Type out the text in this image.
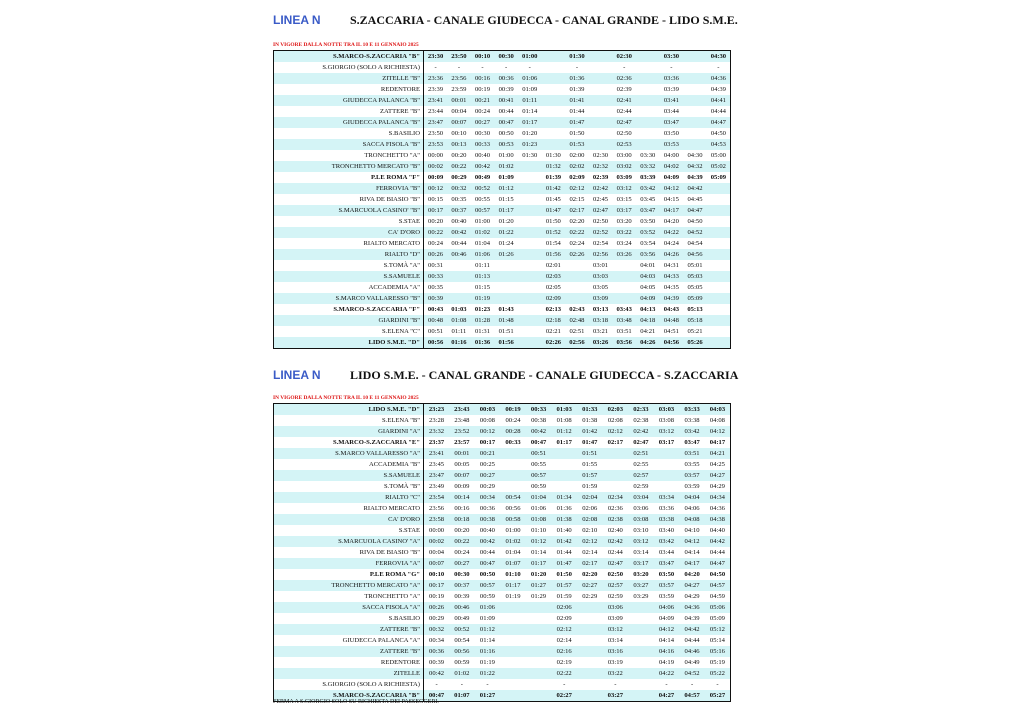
LINEA N S.ZACCARIA - CANALE GIUDECCA - CANAL GRANDE - LIDO S.M.E.
IN VIGORE DALLA NOTTE TRA IL 10 E 11 GENNAIO 2025
S.MARCO-S.ZACCARIA "B"	23:30	23:50	00:10	00:30	01:00		01:30		02:30		03:30		04:30
S.GIORGIO (SOLO A RICHIESTA)	-	-	-	-	-		-		-		-		-
ZITELLE "B"	23:36	23:56	00:16	00:36	01:06		01:36		02:36		03:36		04:36
REDENTORE	23:39	23:59	00:19	00:39	01:09		01:39		02:39		03:39		04:39
GIUDECCA PALANCA "B"	23:41	00:01	00:21	00:41	01:11		01:41		02:41		03:41		04:41
ZATTERE "B"	23:44	00:04	00:24	00:44	01:14		01:44		02:44		03:44		04:44
GIUDECCA PALANCA "B"	23:47	00:07	00:27	00:47	01:17		01:47		02:47		03:47		04:47
S.BASILIO	23:50	00:10	00:30	00:50	01:20		01:50		02:50		03:50		04:50
SACCA FISOLA "B"	23:53	00:13	00:33	00:53	01:23		01:53		02:53		03:53		04:53
TRONCHETTO "A"	00:00	00:20	00:40	01:00	01:30	01:30	02:00	02:30	03:00	03:30	04:00	04:30	05:00
TRONCHETTO MERCATO "B"	00:02	00:22	00:42	01:02		01:32	02:02	02:32	03:02	03:32	04:02	04:32	05:02
P.LE ROMA "F"	00:09	00:29	00:49	01:09		01:39	02:09	02:39	03:09	03:39	04:09	04:39	05:09
FERROVIA "B"	00:12	00:32	00:52	01:12		01:42	02:12	02:42	03:12	03:42	04:12	04:42	
RIVA DE BIASIO "B"	00:15	00:35	00:55	01:15		01:45	02:15	02:45	03:15	03:45	04:15	04:45	
S.MARCUOLA CASINO' "B"	00:17	00:37	00:57	01:17		01:47	02:17	02:47	03:17	03:47	04:17	04:47	
S.STAE	00:20	00:40	01:00	01:20		01:50	02:20	02:50	03:20	03:50	04:20	04:50	
CA' D'ORO	00:22	00:42	01:02	01:22		01:52	02:22	02:52	03:22	03:52	04:22	04:52	
RIALTO MERCATO	00:24	00:44	01:04	01:24		01:54	02:24	02:54	03:24	03:54	04:24	04:54	
RIALTO "D"	00:26	00:46	01:06	01:26		01:56	02:26	02:56	03:26	03:56	04:26	04:56	
S.TOMÀ "A"	00:31		01:11			02:01		03:01		04:01	04:31	05:01	
S.SAMUELE	00:33		01:13			02:03		03:03		04:03	04:33	05:03	
ACCADEMIA "A"	00:35		01:15			02:05		03:05		04:05	04:35	05:05	
S.MARCO VALLARESSO "B"	00:39		01:19			02:09		03:09		04:09	04:39	05:09	
S.MARCO-S.ZACCARIA "F"	00:43	01:03	01:23	01:43		02:13	02:43	03:13	03:43	04:13	04:43	05:13	
GIARDINI "B"	00:48	01:08	01:28	01:48		02:18	02:48	03:18	03:48	04:18	04:48	05:18	
S.ELENA "C"	00:51	01:11	01:31	01:51		02:21	02:51	03:21	03:51	04:21	04:51	05:21	
LIDO S.M.E. "D"	00:56	01:16	01:36	01:56		02:26	02:56	03:26	03:56	04:26	04:56	05:26	
LINEA N LIDO S.M.E. - CANAL GRANDE - CANALE GIUDECCA - S.ZACCARIA
IN VIGORE DALLA NOTTE TRA IL 10 E 11 GENNAIO 2025
LIDO S.M.E. "D"	23:23	23:43	00:03	00:19	00:33	01:03	01:33	02:03	02:33	03:03	03:33	04:03
S.ELENA "B"	23:28	23:48	00:08	00:24	00:38	01:08	01:38	02:08	02:38	03:08	03:38	04:08
GIARDINI "A"	23:32	23:52	00:12	00:28	00:42	01:12	01:42	02:12	02:42	03:12	03:42	04:12
S.MARCO-S.ZACCARIA "E"	23:37	23:57	00:17	00:33	00:47	01:17	01:47	02:17	02:47	03:17	03:47	04:17
S.MARCO VALLARESSO "A"	23:41	00:01	00:21		00:51		01:51		02:51		03:51	04:21
ACCADEMIA "B"	23:45	00:05	00:25		00:55		01:55		02:55		03:55	04:25
S.SAMUELE	23:47	00:07	00:27		00:57		01:57		02:57		03:57	04:27
S.TOMÀ "B"	23:49	00:09	00:29		00:59		01:59		02:59		03:59	04:29
RIALTO "C"	23:54	00:14	00:34	00:54	01:04	01:34	02:04	02:34	03:04	03:34	04:04	04:34
RIALTO MERCATO	23:56	00:16	00:36	00:56	01:06	01:36	02:06	02:36	03:06	03:36	04:06	04:36
CA' D'ORO	23:58	00:18	00:38	00:58	01:08	01:38	02:08	02:38	03:08	03:38	04:08	04:38
S.STAE	00:00	00:20	00:40	01:00	01:10	01:40	02:10	02:40	03:10	03:40	04:10	04:40
S.MARCUOLA CASINO' "A"	00:02	00:22	00:42	01:02	01:12	01:42	02:12	02:42	03:12	03:42	04:12	04:42
RIVA DE BIASIO "B"	00:04	00:24	00:44	01:04	01:14	01:44	02:14	02:44	03:14	03:44	04:14	04:44
FERROVIA "A"	00:07	00:27	00:47	01:07	01:17	01:47	02:17	02:47	03:17	03:47	04:17	04:47
P.LE ROMA "G"	00:10	00:30	00:50	01:10	01:20	01:50	02:20	02:50	03:20	03:50	04:20	04:50
TRONCHETTO MERCATO "A"	00:17	00:37	00:57	01:17	01:27	01:57	02:27	02:57	03:27	03:57	04:27	04:57
TRONCHETTO "A"	00:19	00:39	00:59	01:19	01:29	01:59	02:29	02:59	03:29	03:59	04:29	04:59
SACCA FISOLA "A"	00:26	00:46	01:06			02:06		03:06		04:06	04:36	05:06
S.BASILIO	00:29	00:49	01:09			02:09		03:09		04:09	04:39	05:09
ZATTERE "B"	00:32	00:52	01:12			02:12		03:12		04:12	04:42	05:12
GIUDECCA PALANCA "A"	00:34	00:54	01:14			02:14		03:14		04:14	04:44	05:14
ZATTERE "B"	00:36	00:56	01:16			02:16		03:16		04:16	04:46	05:16
REDENTORE	00:39	00:59	01:19			02:19		03:19		04:19	04:49	05:19
ZITELLE	00:42	01:02	01:22			02:22		03:22		04:22	04:52	05:22
S.GIORGIO (SOLO A RICHIESTA)	-	-	-			-		-		-	-	-
S.MARCO-S.ZACCARIA "B"	00:47	01:07	01:27			02:27		03:27		04:27	04:57	05:27
FERMA A S.GIORGIO SOLO SU RICHIESTA DEI PASSEGGERI.
